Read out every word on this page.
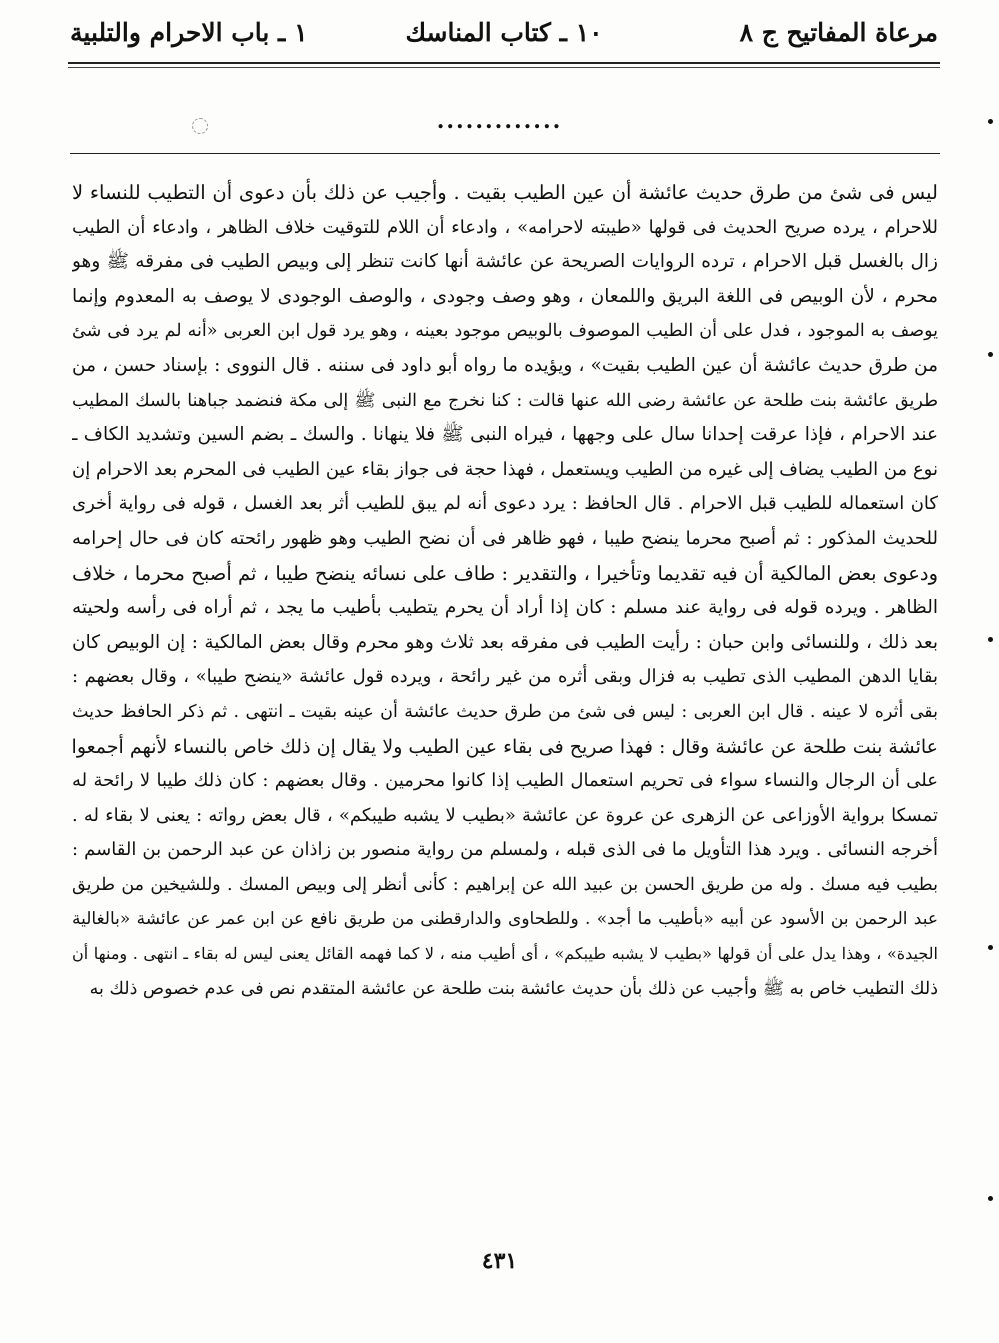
مرعاة المفاتيح ج ٨
١٠ ـ كتاب المناسك
١ ـ باب الاحرام والتلبية
.............
ليس فى شئ من طرق حديث عائشة أن عين الطيب بقيت . وأجيب عن ذلك بأن دعوى أن التطيب للنساء لا
للاحرام ، يرده صريح الحديث فى قولها «طيبته لاحرامه» ، وادعاء أن اللام للتوقيت خلاف الظاهر ، وادعاء أن الطيب
زال بالغسل قبل الاحرام ، ترده الروايات الصريحة عن عائشة أنها كانت تنظر إلى وبيص الطيب فى مفرقه ﷺ وهو
محرم ، لأن الوبيص فى اللغة البريق واللمعان ، وهو وصف وجودى ، والوصف الوجودى لا يوصف به المعدوم وإنما
يوصف به الموجود ، فدل على أن الطيب الموصوف بالوبيص موجود بعينه ، وهو يرد قول ابن العربى «أنه لم يرد فى شئ
من طرق حديث عائشة أن عين الطيب بقيت» ، ويؤيده ما رواه أبو داود فى سننه . قال النووى : بإسناد حسن ، من
طريق عائشة بنت طلحة عن عائشة رضى الله عنها قالت : كنا نخرج مع النبى ﷺ إلى مكة فنضمد جباهنا بالسك المطيب
عند الاحرام ، فإذا عرقت إحدانا سال على وجهها ، فيراه النبى ﷺ فلا ينهانا . والسك ـ بضم السين وتشديد الكاف ـ
نوع من الطيب يضاف إلى غيره من الطيب ويستعمل ، فهذا حجة فى جواز بقاء عين الطيب فى المحرم بعد الاحرام إن
كان استعماله للطيب قبل الاحرام . قال الحافظ : يرد دعوى أنه لم يبق للطيب أثر بعد الغسل ، قوله فى رواية أخرى
للحديث المذكور : ثم أصبح محرما ينضح طيبا ، فهو ظاهر فى أن نضح الطيب وهو ظهور رائحته كان فى حال إحرامه
ودعوى بعض المالكية أن فيه تقديما وتأخيرا ، والتقدير : طاف على نسائه ينضح طيبا ، ثم أصبح محرما ، خلاف
الظاهر . ويرده قوله فى رواية عند مسلم : كان إذا أراد أن يحرم يتطيب بأطيب ما يجد ، ثم أراه فى رأسه ولحيته
بعد ذلك ، وللنسائى وابن حبان : رأيت الطيب فى مفرقه بعد ثلاث وهو محرم وقال بعض المالكية : إن الوبيص كان
بقايا الدهن المطيب الذى تطيب به فزال وبقى أثره من غير رائحة ، ويرده قول عائشة «ينضح طيبا» ، وقال بعضهم :
بقى أثره لا عينه . قال ابن العربى : ليس فى شئ من طرق حديث عائشة أن عينه بقيت ـ انتهى . ثم ذكر الحافظ حديث
عائشة بنت طلحة عن عائشة وقال : فهذا صريح فى بقاء عين الطيب ولا يقال إن ذلك خاص بالنساء لأنهم أجمعوا
على أن الرجال والنساء سواء فى تحريم استعمال الطيب إذا كانوا محرمين . وقال بعضهم : كان ذلك طيبا لا رائحة له
تمسكا برواية الأوزاعى عن الزهرى عن عروة عن عائشة «بطيب لا يشبه طيبكم» ، قال بعض رواته : يعنى لا بقاء له .
أخرجه النسائى . ويرد هذا التأويل ما فى الذى قبله ، ولمسلم من رواية منصور بن زاذان عن عبد الرحمن بن القاسم :
بطيب فيه مسك . وله من طريق الحسن بن عبيد الله عن إبراهيم : كأنى أنظر إلى وبيص المسك . وللشيخين من طريق
عبد الرحمن بن الأسود عن أبيه «بأطيب ما أجد» . وللطحاوى والدارقطنى من طريق نافع عن ابن عمر عن عائشة «بالغالية
الجيدة» ، وهذا يدل على أن قولها «بطيب لا يشبه طيبكم» ، أى أطيب منه ، لا كما فهمه القائل يعنى ليس له بقاء ـ انتهى . ومنها أن
ذلك التطيب خاص به ﷺ وأجيب عن ذلك بأن حديث عائشة بنت طلحة عن عائشة المتقدم نص فى عدم خصوص ذلك به
٤٣١
